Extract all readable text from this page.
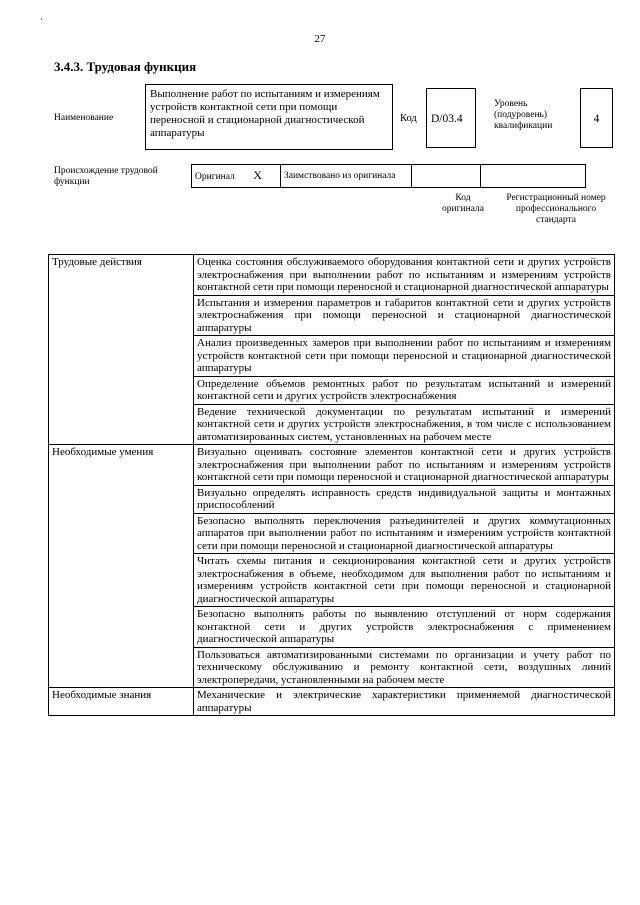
·
27
3.4.3. Трудовая функция
Наименование
Выполнение работ по испытаниям и измерениям устройств контактной сети при помощи переносной и стационарной диагностической аппаратуры
Код	D/03.4
Уровень (подуровень) квалификации
4
Происхождение трудовой функции	Оригинал X	Заимствовано из оригинала		
Код оригинала
Регистрационный номер профессионального стандарта
Трудовые действия	Оценка состояния обслуживаемого оборудования контактной сети и других устройств электроснабжения при выполнении работ по испытаниям и измерениям устройств контактной сети при помощи переносной и стационарной диагностической аппаратуры
	Испытания и измерения параметров и габаритов контактной сети и других устройств электроснабжения при помощи переносной и стационарной диагностической аппаратуры
	Анализ произведенных замеров при выполнении работ по испытаниям и измерениям устройств контактной сети при помощи переносной и стационарной диагностической аппаратуры
	Определение объемов ремонтных работ по результатам испытаний и измерений контактной сети и других устройств электроснабжения
	Ведение технической документации по результатам испытаний и измерений контактной сети и других устройств электроснабжения, в том числе с использованием автоматизированных систем, установленных на рабочем месте
Необходимые умения	Визуально оценивать состояние элементов контактной сети и других устройств электроснабжения при выполнении работ по испытаниям и измерениям устройств контактной сети при помощи переносной и стационарной диагностической аппаратуры
	Визуально определять исправность средств индивидуальной защиты и монтажных приспособлений
	Безопасно выполнять переключения разъединителей и других коммутационных аппаратов при выполнении работ по испытаниям и измерениям устройств контактной сети при помощи переносной и стационарной диагностической аппаратуры
	Читать схемы питания и секционирования контактной сети и других устройств электроснабжения в объеме, необходимом для выполнения работ по испытаниям и измерениям устройств контактной сети при помощи переносной и стационарной диагностической аппаратуры
	Безопасно выполнять работы по выявлению отступлений от норм содержания контактной сети и других устройств электроснабжения с применением диагностической аппаратуры
	Пользоваться автоматизированными системами по организации и учету работ по техническому обслуживанию и ремонту контактной сети, воздушных линий электропередачи, установленными на рабочем месте
Необходимые знания	Механические и электрические характеристики применяемой диагностической аппаратуры
